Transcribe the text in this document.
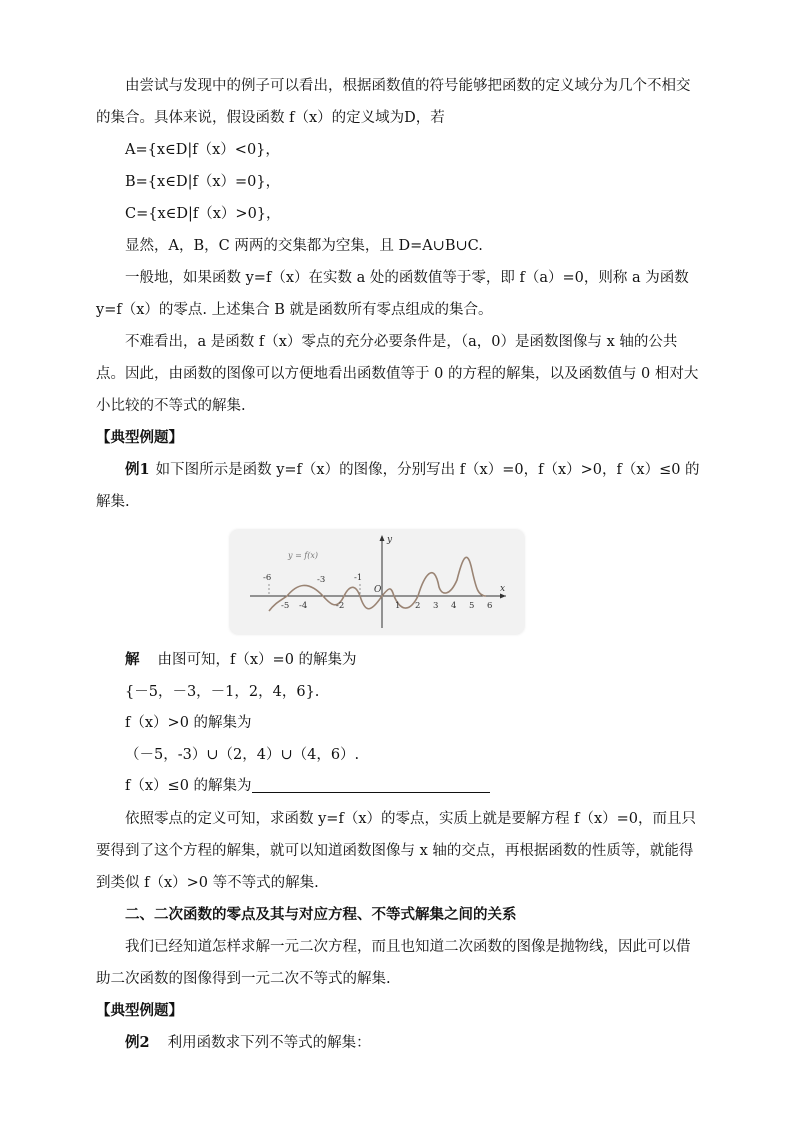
由尝试与发现中的例子可以看出，根据函数值的符号能够把函数的定义域分为几个不相交的集合。具体来说，假设函数 f（x）的定义域为D，若

A={x∈D|f（x）<0}，

B={x∈D|f（x）=0}，

C={x∈D|f（x）>0}，

显然，A，B，C 两两的交集都为空集，且 D=A∪B∪C.

一般地，如果函数 y=f（x）在实数 a 处的函数值等于零，即 f（a）=0，则称 a 为函数 y=f（x）的零点. 上述集合 B 就是函数所有零点组成的集合。

不难看出，a 是函数 f（x）零点的充分必要条件是，（a，0）是函数图像与 x 轴的公共点。因此，由函数的图像可以方便地看出函数值等于 0 的方程的解集，以及函数值与 0 相对大小比较的不等式的解集.

【典型例题】

例1 如下图所示是函数 y=f（x）的图像，分别写出 f（x）=0，f（x）>0，f（x）≤0 的解集.

x
y
O
y = f(x)
-6
-5 -4
-3
-2
-1
1 2 3 4 5 6

解 由图可知，f（x）=0 的解集为

{－5，－3，－1，2，4，6}.

f（x）>0 的解集为

（－5，-3）∪（2，4）∪（4，6）.

f（x）≤0 的解集为

依照零点的定义可知，求函数 y=f（x）的零点，实质上就是要解方程 f（x）=0，而且只要得到了这个方程的解集，就可以知道函数图像与 x 轴的交点，再根据函数的性质等，就能得到类似 f（x）>0 等不等式的解集.

二、二次函数的零点及其与对应方程、不等式解集之间的关系

我们已经知道怎样求解一元二次方程，而且也知道二次函数的图像是抛物线，因此可以借助二次函数的图像得到一元二次不等式的解集.

【典型例题】

例2 利用函数求下列不等式的解集：
